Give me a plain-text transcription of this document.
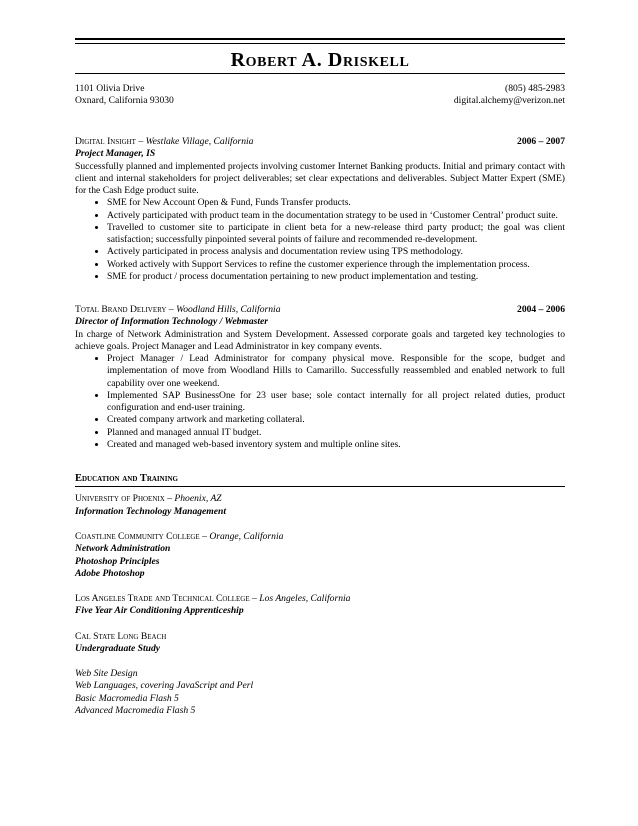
Robert A. Driskell
1101 Olivia Drive	(805) 485-2983
Oxnard, California 93030	digital.alchemy@verizon.net
Digital Insight – Westlake Village, California	2006 – 2007
Project Manager, IS

Successfully planned and implemented projects involving customer Internet Banking products. Initial and primary contact with client and internal stakeholders for project deliverables; set clear expectations and deliverables. Subject Matter Expert (SME) for the Cash Edge product suite.

• SME for New Account Open & Fund, Funds Transfer products.
• Actively participated with product team in the documentation strategy to be used in ‘Customer Central’ product suite.
• Travelled to customer site to participate in client beta for a new-release third party product; the goal was client satisfaction; successfully pinpointed several points of failure and recommended re-development.
• Actively participated in process analysis and documentation review using TPS methodology.
• Worked actively with Support Services to refine the customer experience through the implementation process.
• SME for product / process documentation pertaining to new product implementation and testing.
Total Brand Delivery – Woodland Hills, California	2004 – 2006
Director of Information Technology / Webmaster

In charge of Network Administration and System Development. Assessed corporate goals and targeted key technologies to achieve goals. Project Manager and Lead Administrator in key company events.

• Project Manager / Lead Administrator for company physical move. Responsible for the scope, budget and implementation of move from Woodland Hills to Camarillo. Successfully reassembled and enabled network to full capability over one weekend.
• Implemented SAP BusinessOne for 23 user base; sole contact internally for all project related duties, product configuration and end-user training.
• Created company artwork and marketing collateral.
• Planned and managed annual IT budget.
• Created and managed web-based inventory system and multiple online sites.
Education and Training
University of Phoenix – Phoenix, AZ
Information Technology Management
Coastline Community College – Orange, California
Network Administration
Photoshop Principles
Adobe Photoshop
Los Angeles Trade and Technical College – Los Angeles, California
Five Year Air Conditioning Apprenticeship
Cal State Long Beach
Undergraduate Study
Web Site Design
Web Languages, covering JavaScript and Perl
Basic Macromedia Flash 5
Advanced Macromedia Flash 5
